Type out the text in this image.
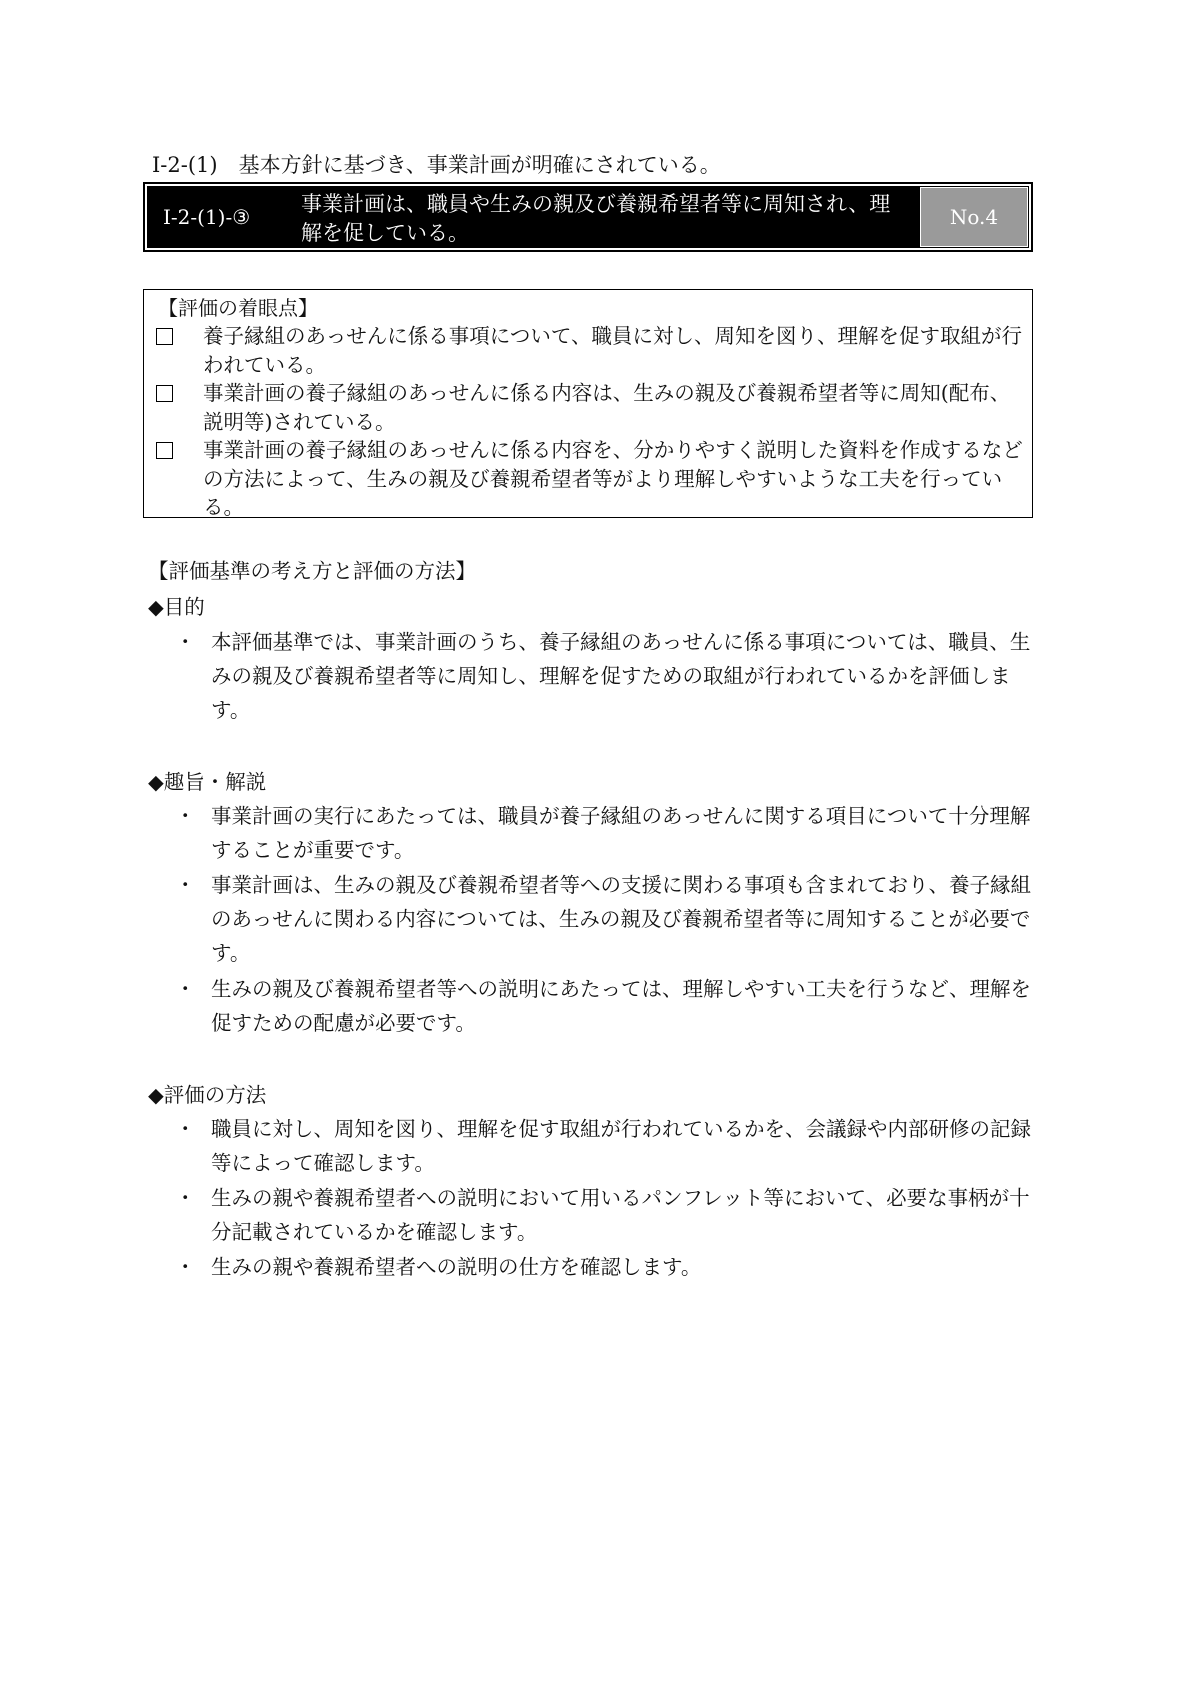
Ⅰ-2-(1)　基本方針に基づき、事業計画が明確にされている。
Ⅰ-2-(1)-③
事業計画は、職員や生みの親及び養親希望者等に周知され、理解を促している。
No.4
【評価の着眼点】
養子縁組のあっせんに係る事項について、職員に対し、周知を図り、理解を促す取組が行われている。
事業計画の養子縁組のあっせんに係る内容は、生みの親及び養親希望者等に周知(配布、説明等)されている。
事業計画の養子縁組のあっせんに係る内容を、分かりやすく説明した資料を作成するなどの方法によって、生みの親及び養親希望者等がより理解しやすいような工夫を行っている。
【評価基準の考え方と評価の方法】
◆目的
・ 本評価基準では、事業計画のうち、養子縁組のあっせんに係る事項については、職員、生みの親及び養親希望者等に周知し、理解を促すための取組が行われているかを評価します。
◆趣旨・解説
・ 事業計画の実行にあたっては、職員が養子縁組のあっせんに関する項目について十分理解することが重要です。
・ 事業計画は、生みの親及び養親希望者等への支援に関わる事項も含まれており、養子縁組のあっせんに関わる内容については、生みの親及び養親希望者等に周知することが必要です。
・ 生みの親及び養親希望者等への説明にあたっては、理解しやすい工夫を行うなど、理解を促すための配慮が必要です。
◆評価の方法
・ 職員に対し、周知を図り、理解を促す取組が行われているかを、会議録や内部研修の記録等によって確認します。
・ 生みの親や養親希望者への説明において用いるパンフレット等において、必要な事柄が十分記載されているかを確認します。
・ 生みの親や養親希望者への説明の仕方を確認します。
